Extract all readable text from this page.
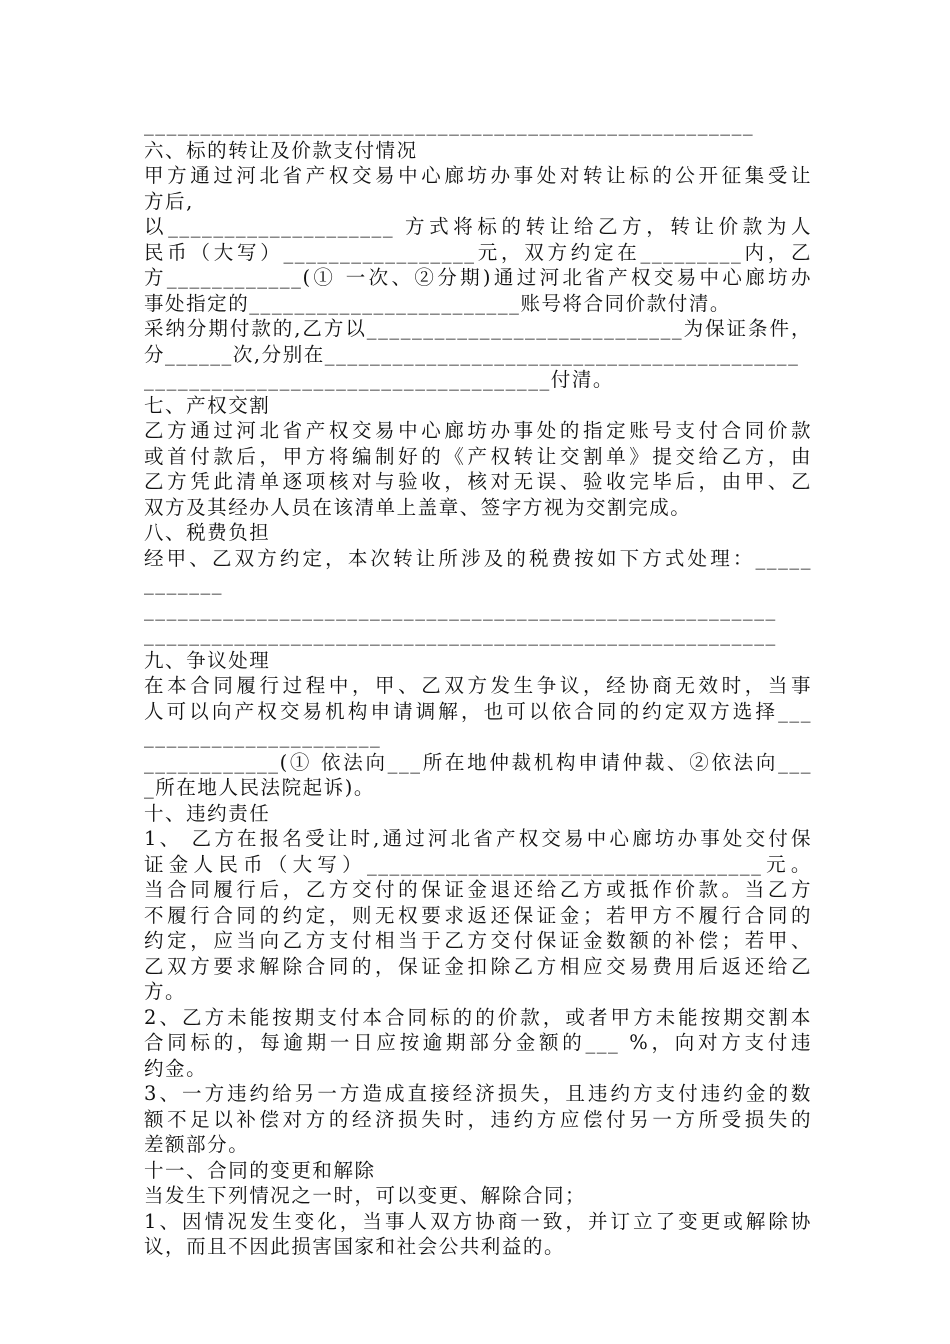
______________________________________________________
六、标的转让及价款支付情况
甲方通过河北省产权交易中心廊坊办事处对转让标的公开征集受让
方后,
以____________________ 方式将标的转让给乙方，转让价款为人
民币（大写）_________________元，双方约定在_________内，乙
方____________(① 一次、②分期)通过河北省产权交易中心廊坊办
事处指定的________________________账号将合同价款付清。
采纳分期付款的,乙方以____________________________为保证条件，
分______次,分别在__________________________________________
____________________________________付清。
七、产权交割
乙方通过河北省产权交易中心廊坊办事处的指定账号支付合同价款
或首付款后，甲方将编制好的《产权转让交割单》提交给乙方，由
乙方凭此清单逐项核对与验收，核对无误、验收完毕后，由甲、乙
双方及其经办人员在该清单上盖章、签字方视为交割完成。
八、税费负担
经甲、乙双方约定，本次转让所涉及的税费按如下方式处理：_____
_______
________________________________________________________
________________________________________________________
九、争议处理
在本合同履行过程中，甲、乙双方发生争议，经协商无效时，当事
人可以向产权交易机构申请调解，也可以依合同的约定双方选择___
_____________________
____________(① 依法向___所在地仲裁机构申请仲裁、②依法向___
_所在地人民法院起诉)。
十、违约责任
1、 乙方在报名受让时,通过河北省产权交易中心廊坊办事处交付保
证金人民币（大写）___________________________________元。
当合同履行后，乙方交付的保证金退还给乙方或抵作价款。当乙方
不履行合同的约定，则无权要求返还保证金；若甲方不履行合同的
约定，应当向乙方支付相当于乙方交付保证金数额的补偿；若甲、
乙双方要求解除合同的，保证金扣除乙方相应交易费用后返还给乙
方。
2、乙方未能按期支付本合同标的的价款，或者甲方未能按期交割本
合同标的，每逾期一日应按逾期部分金额的___ %，向对方支付违
约金。
3、一方违约给另一方造成直接经济损失，且违约方支付违约金的数
额不足以补偿对方的经济损失时，违约方应偿付另一方所受损失的
差额部分。
十一、合同的变更和解除
当发生下列情况之一时，可以变更、解除合同；
1、因情况发生变化，当事人双方协商一致，并订立了变更或解除协
议，而且不因此损害国家和社会公共利益的。
